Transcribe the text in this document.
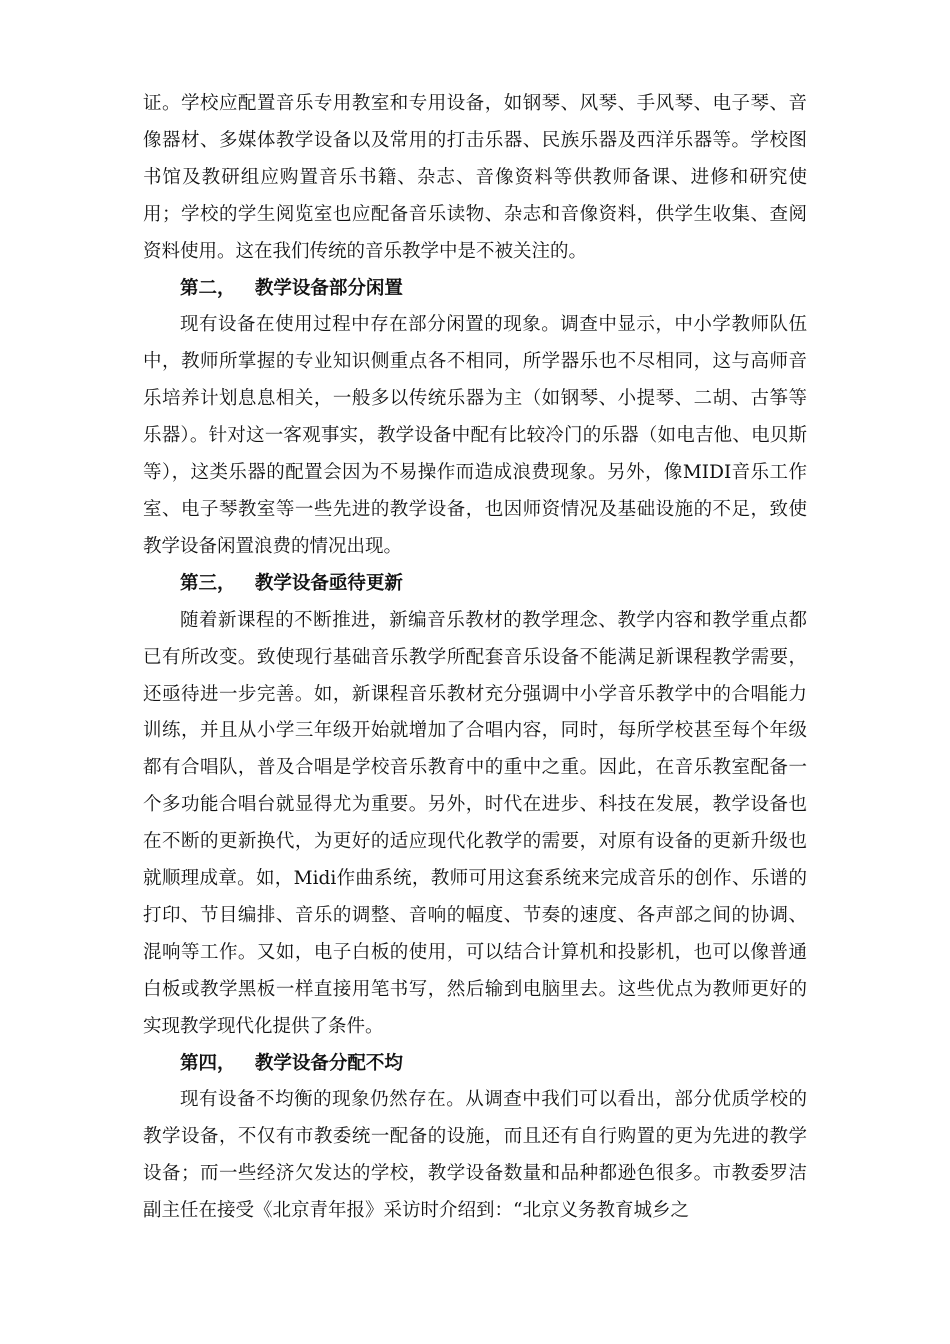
证。学校应配置音乐专用教室和专用设备，如钢琴、风琴、手风琴、电子琴、音像器材、多媒体教学设备以及常用的打击乐器、民族乐器及西洋乐器等。学校图书馆及教研组应购置音乐书籍、杂志、音像资料等供教师备课、进修和研究使用；学校的学生阅览室也应配备音乐读物、杂志和音像资料，供学生收集、查阅资料使用。这在我们传统的音乐教学中是不被关注的。

第二，   教学设备部分闲置

现有设备在使用过程中存在部分闲置的现象。调查中显示，中小学教师队伍中，教师所掌握的专业知识侧重点各不相同，所学器乐也不尽相同，这与高师音乐培养计划息息相关，一般多以传统乐器为主（如钢琴、小提琴、二胡、古筝等乐器）。针对这一客观事实，教学设备中配有比较冷门的乐器（如电吉他、电贝斯等），这类乐器的配置会因为不易操作而造成浪费现象。另外，像MIDI音乐工作室、电子琴教室等一些先进的教学设备，也因师资情况及基础设施的不足，致使教学设备闲置浪费的情况出现。

第三，   教学设备亟待更新

随着新课程的不断推进，新编音乐教材的教学理念、教学内容和教学重点都已有所改变。致使现行基础音乐教学所配套音乐设备不能满足新课程教学需要，还亟待进一步完善。如，新课程音乐教材充分强调中小学音乐教学中的合唱能力训练，并且从小学三年级开始就增加了合唱内容，同时，每所学校甚至每个年级都有合唱队，普及合唱是学校音乐教育中的重中之重。因此，在音乐教室配备一个多功能合唱台就显得尤为重要。另外，时代在进步、科技在发展，教学设备也在不断的更新换代，为更好的适应现代化教学的需要，对原有设备的更新升级也就顺理成章。如，Midi作曲系统，教师可用这套系统来完成音乐的创作、乐谱的打印、节目编排、音乐的调整、音响的幅度、节奏的速度、各声部之间的协调、混响等工作。又如，电子白板的使用，可以结合计算机和投影机，也可以像普通白板或教学黑板一样直接用笔书写，然后输到电脑里去。这些优点为教师更好的实现教学现代化提供了条件。

第四，   教学设备分配不均

现有设备不均衡的现象仍然存在。从调查中我们可以看出，部分优质学校的教学设备，不仅有市教委统一配备的设施，而且还有自行购置的更为先进的教学设备；而一些经济欠发达的学校，教学设备数量和品种都逊色很多。市教委罗洁副主任在接受《北京青年报》采访时介绍到：“北京义务教育城乡之
